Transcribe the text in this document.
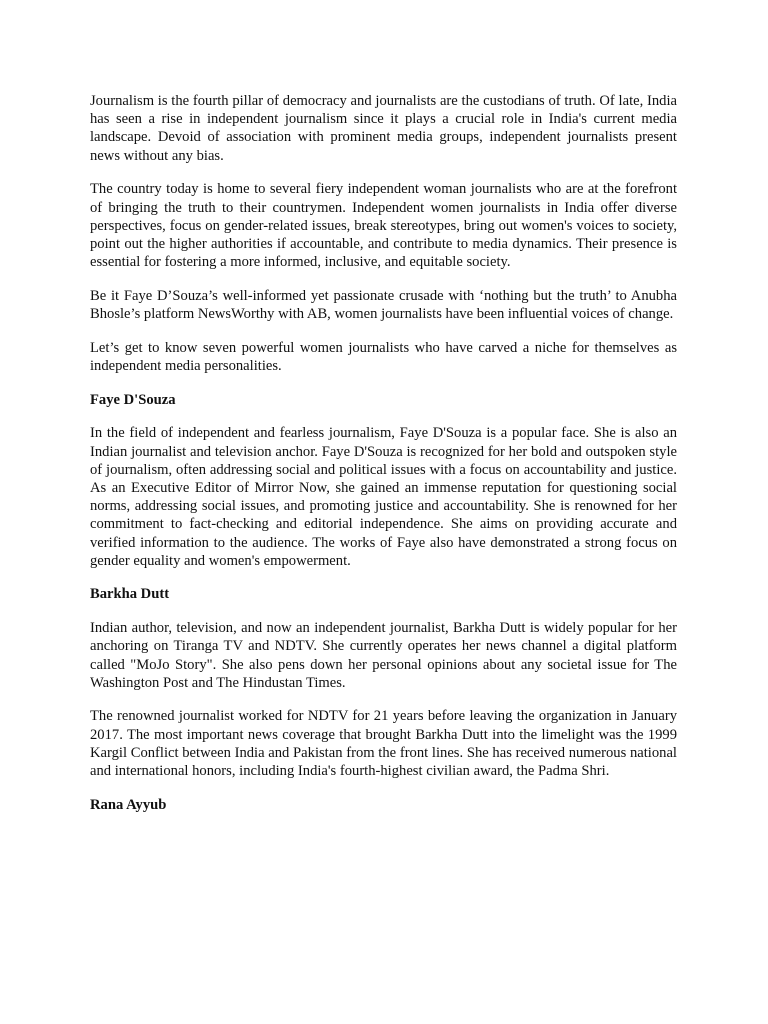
Journalism is the fourth pillar of democracy and journalists are the custodians of truth. Of late, India has seen a rise in independent journalism since it plays a crucial role in India's current media landscape. Devoid of association with prominent media groups, independent journalists present news without any bias.

The country today is home to several fiery independent woman journalists who are at the forefront of bringing the truth to their countrymen. Independent women journalists in India offer diverse perspectives, focus on gender-related issues, break stereotypes, bring out women's voices to society, point out the higher authorities if accountable, and contribute to media dynamics. Their presence is essential for fostering a more informed, inclusive, and equitable society.

Be it Faye D’Souza’s well-informed yet passionate crusade with ‘nothing but the truth’ to Anubha Bhosle’s platform NewsWorthy with AB, women journalists have been influential voices of change.

Let’s get to know seven powerful women journalists who have carved a niche for themselves as independent media personalities.

Faye D'Souza

In the field of independent and fearless journalism, Faye D'Souza is a popular face. She is also an Indian journalist and television anchor. Faye D'Souza is recognized for her bold and outspoken style of journalism, often addressing social and political issues with a focus on accountability and justice. As an Executive Editor of Mirror Now, she gained an immense reputation for questioning social norms, addressing social issues, and promoting justice and accountability. She is renowned for her commitment to fact-checking and editorial independence. She aims on providing accurate and verified information to the audience. The works of Faye also have demonstrated a strong focus on gender equality and women's empowerment.

Barkha Dutt

Indian author, television, and now an independent journalist, Barkha Dutt is widely popular for her anchoring on Tiranga TV and NDTV. She currently operates her news channel a digital platform called "MoJo Story". She also pens down her personal opinions about any societal issue for The Washington Post and The Hindustan Times.

The renowned journalist worked for NDTV for 21 years before leaving the organization in January 2017. The most important news coverage that brought Barkha Dutt into the limelight was the 1999 Kargil Conflict between India and Pakistan from the front lines. She has received numerous national and international honors, including India's fourth-highest civilian award, the Padma Shri.

Rana Ayyub
